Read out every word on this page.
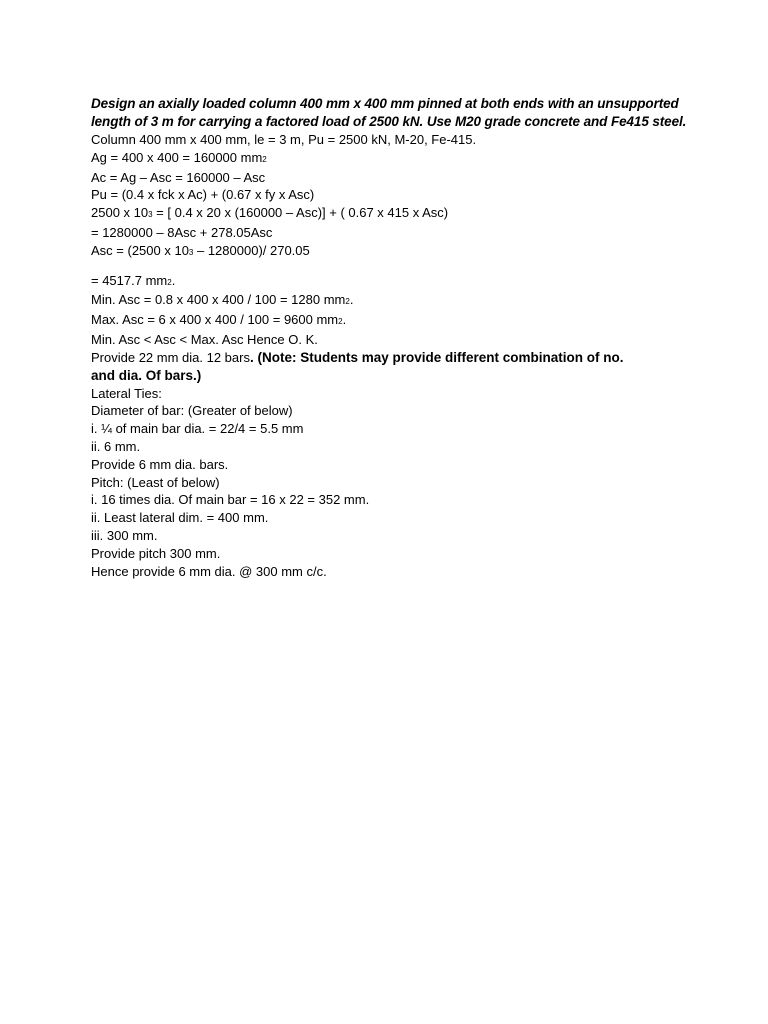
Design an axially loaded column 400 mm x 400 mm pinned at both ends with an unsupported length of 3 m for carrying a factored load of 2500 kN. Use M20 grade concrete and Fe415 steel.

Column 400 mm x 400 mm, le = 3 m, Pu = 2500 kN, M-20, Fe-415.

Ag = 400 x 400 = 160000 mm2

Ac = Ag – Asc = 160000 – Asc

Pu = (0.4 x fck x Ac) + (0.67 x fy x Asc)

2500 x 103 = [ 0.4 x 20 x (160000 – Asc)] + ( 0.67 x 415 x Asc)

= 1280000 – 8Asc + 278.05Asc

Asc = (2500 x 103 – 1280000)/ 270.05

= 4517.7 mm2.

Min. Asc = 0.8 x 400 x 400 / 100 = 1280 mm2.

Max. Asc = 6 x 400 x 400 / 100 = 9600 mm2.

Min. Asc < Asc < Max. Asc Hence O. K.

Provide 22 mm dia. 12 bars. (Note: Students may provide different combination of no.

and dia. Of bars.)

Lateral Ties:

Diameter of bar: (Greater of below)

i. ¼ of main bar dia. = 22/4 = 5.5 mm

ii. 6 mm.

Provide 6 mm dia. bars.

Pitch: (Least of below)

i. 16 times dia. Of main bar = 16 x 22 = 352 mm.

ii. Least lateral dim. = 400 mm.

iii. 300 mm.

Provide pitch 300 mm.

Hence provide 6 mm dia. @ 300 mm c/c.
